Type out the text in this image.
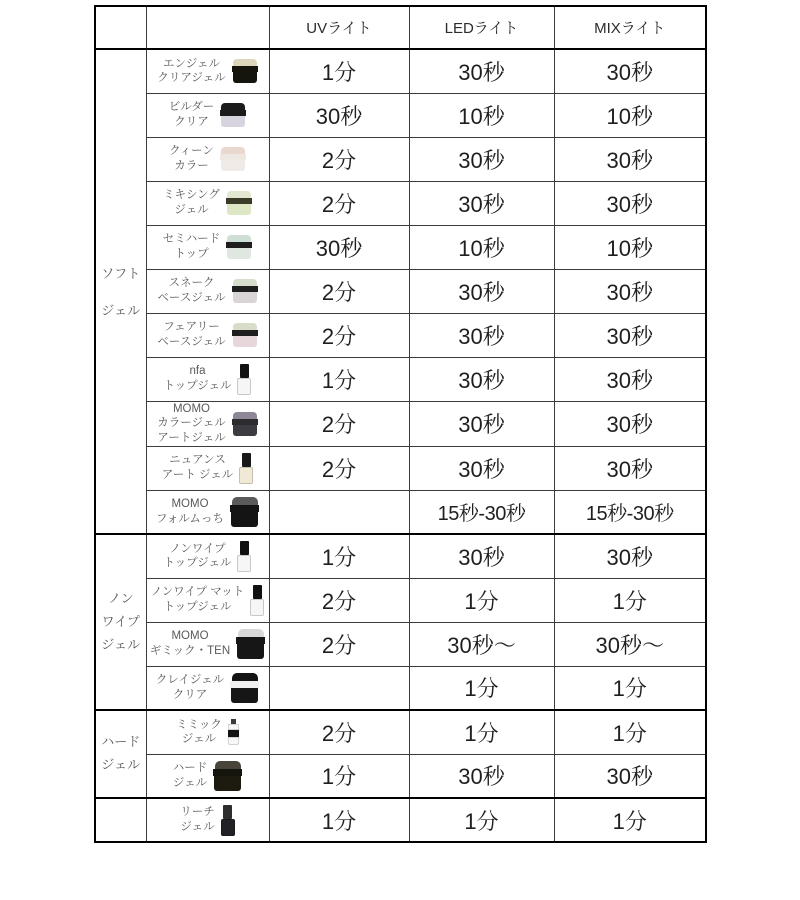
		UVライト	LEDライト	MIXライト

ソフト
ジェル	エンジェル
クリアジェル	1分	30秒	30秒

	ビルダー
クリア	30秒	10秒	10秒

	クィーン
カラー	2分	30秒	30秒

	ミキシング
ジェル	2分	30秒	30秒

	セミハード
トップ	30秒	10秒	10秒

	スネーク
ベースジェル	2分	30秒	30秒

	フェアリー
ベースジェル	2分	30秒	30秒

	nfa
トップジェル	1分	30秒	30秒

	MOMO
カラージェル
アートジェル	2分	30秒	30秒

	ニュアンス
アート ジェル	2分	30秒	30秒

	MOMO
フォルムっち		15秒-30秒	15秒-30秒

ノン
ワイプ
ジェル	ノンワイプ
トップジェル	1分	30秒	30秒

	ノンワイプ マット
トップジェル	2分	1分	1分

	MOMO
ギミック・TEN	2分	30秒～	30秒～

	クレイジェル
クリア		1分	1分

ハード
ジェル	ミミック
ジェル	2分	1分	1分

	ハード
ジェル	1分	30秒	30秒

	リーチ
ジェル	1分	1分	1分
